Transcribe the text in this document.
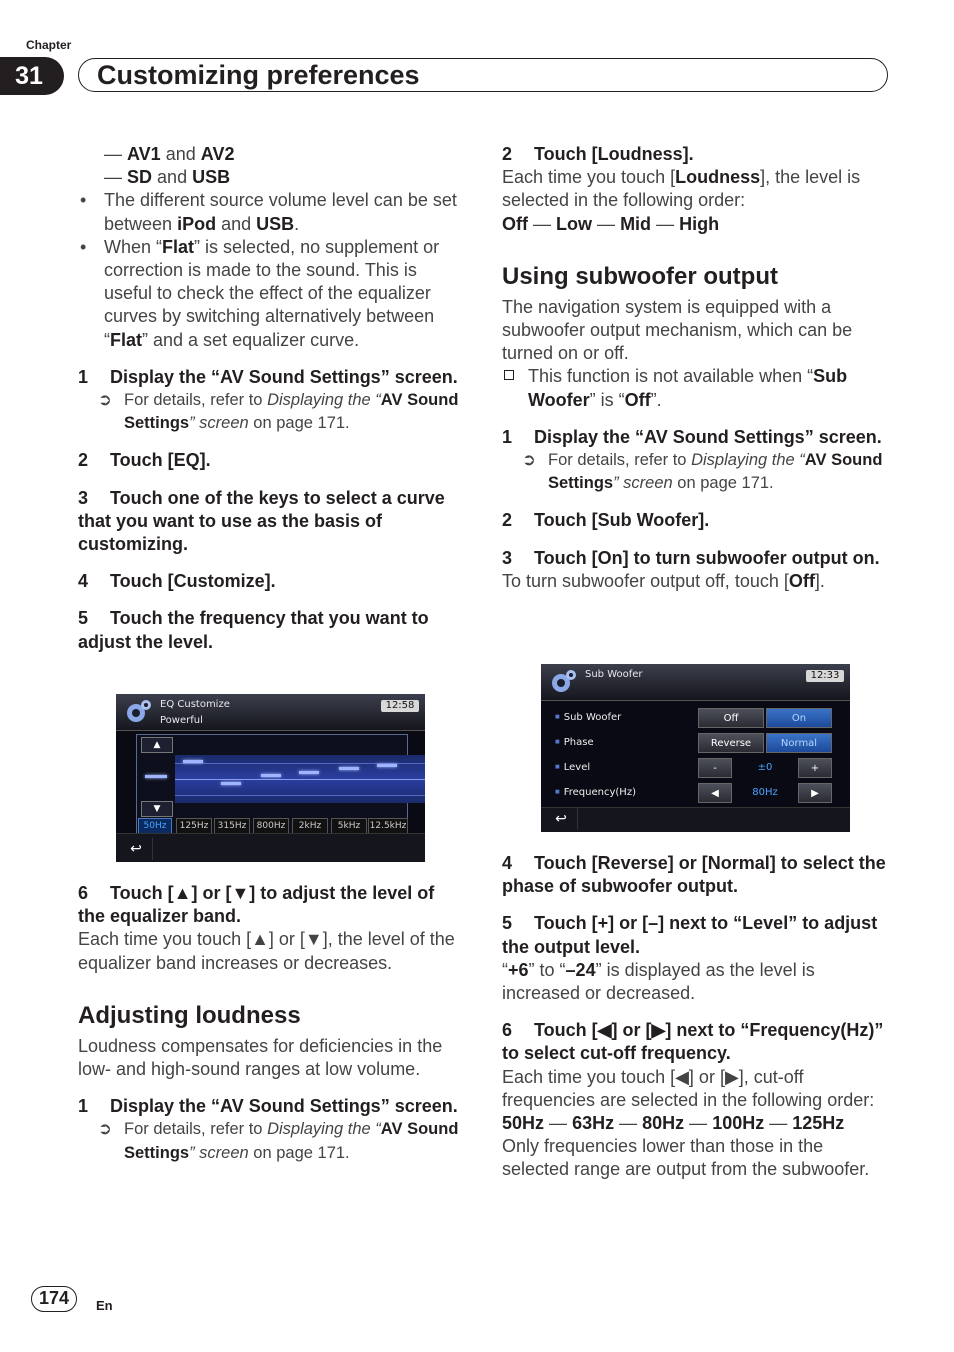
Chapter
31	Customizing preferences

— AV1 and AV2

— SD and USB

• The different source volume level can be set between iPod and USB.
• When “Flat” is selected, no supplement or correction is made to the sound. This is useful to check the effect of the equalizer curves by switching alternatively between “Flat” and a set equalizer curve.

1 Display the “AV Sound Settings” screen.

➲ For details, refer to Displaying the “AV Sound Settings” screen on page 171.

2 Touch [EQ].

3 Touch one of the keys to select a curve that you want to use as the basis of customizing.

4 Touch [Customize].

5 Touch the frequency that you want to adjust the level.

EQ Customize
Powerful
12:58
▲
▼
50Hz	125Hz	315Hz	800Hz	2kHz	5kHz	12.5kHz
↩

6 Touch [▲] or [▼] to adjust the level of the equalizer band.

Each time you touch [▲] or [▼], the level of the equalizer band increases or decreases.

Adjusting loudness

Loudness compensates for deficiencies in the low- and high-sound ranges at low volume.

1 Display the “AV Sound Settings” screen.

➲ For details, refer to Displaying the “AV Sound Settings” screen on page 171.

2 Touch [Loudness].

Each time you touch [Loudness], the level is selected in the following order:

Off — Low — Mid — High

Using subwoofer output

The navigation system is equipped with a subwoofer output mechanism, which can be turned on or off.

This function is not available when “Sub Woofer” is “Off”.

1 Display the “AV Sound Settings” screen.

➲ For details, refer to Displaying the “AV Sound Settings” screen on page 171.

2 Touch [Sub Woofer].

3 Touch [On] to turn subwoofer output on.

To turn subwoofer output off, touch [Off].

Sub Woofer	12:33
■ Sub Woofer	Off	On
■ Phase	Reverse	Normal
■ Level	-	±0	+
■ Frequency(Hz)	◀	80Hz	▶
↩

4 Touch [Reverse] or [Normal] to select the phase of subwoofer output.

5 Touch [+] or [–] next to “Level” to adjust the output level.

“+6” to “–24” is displayed as the level is increased or decreased.

6 Touch [◀] or [▶] next to “Frequency(Hz)” to select cut-off frequency.

Each time you touch [◀] or [▶], cut-off frequencies are selected in the following order:

50Hz — 63Hz — 80Hz — 100Hz — 125Hz

Only frequencies lower than those in the selected range are output from the subwoofer.

174	En
